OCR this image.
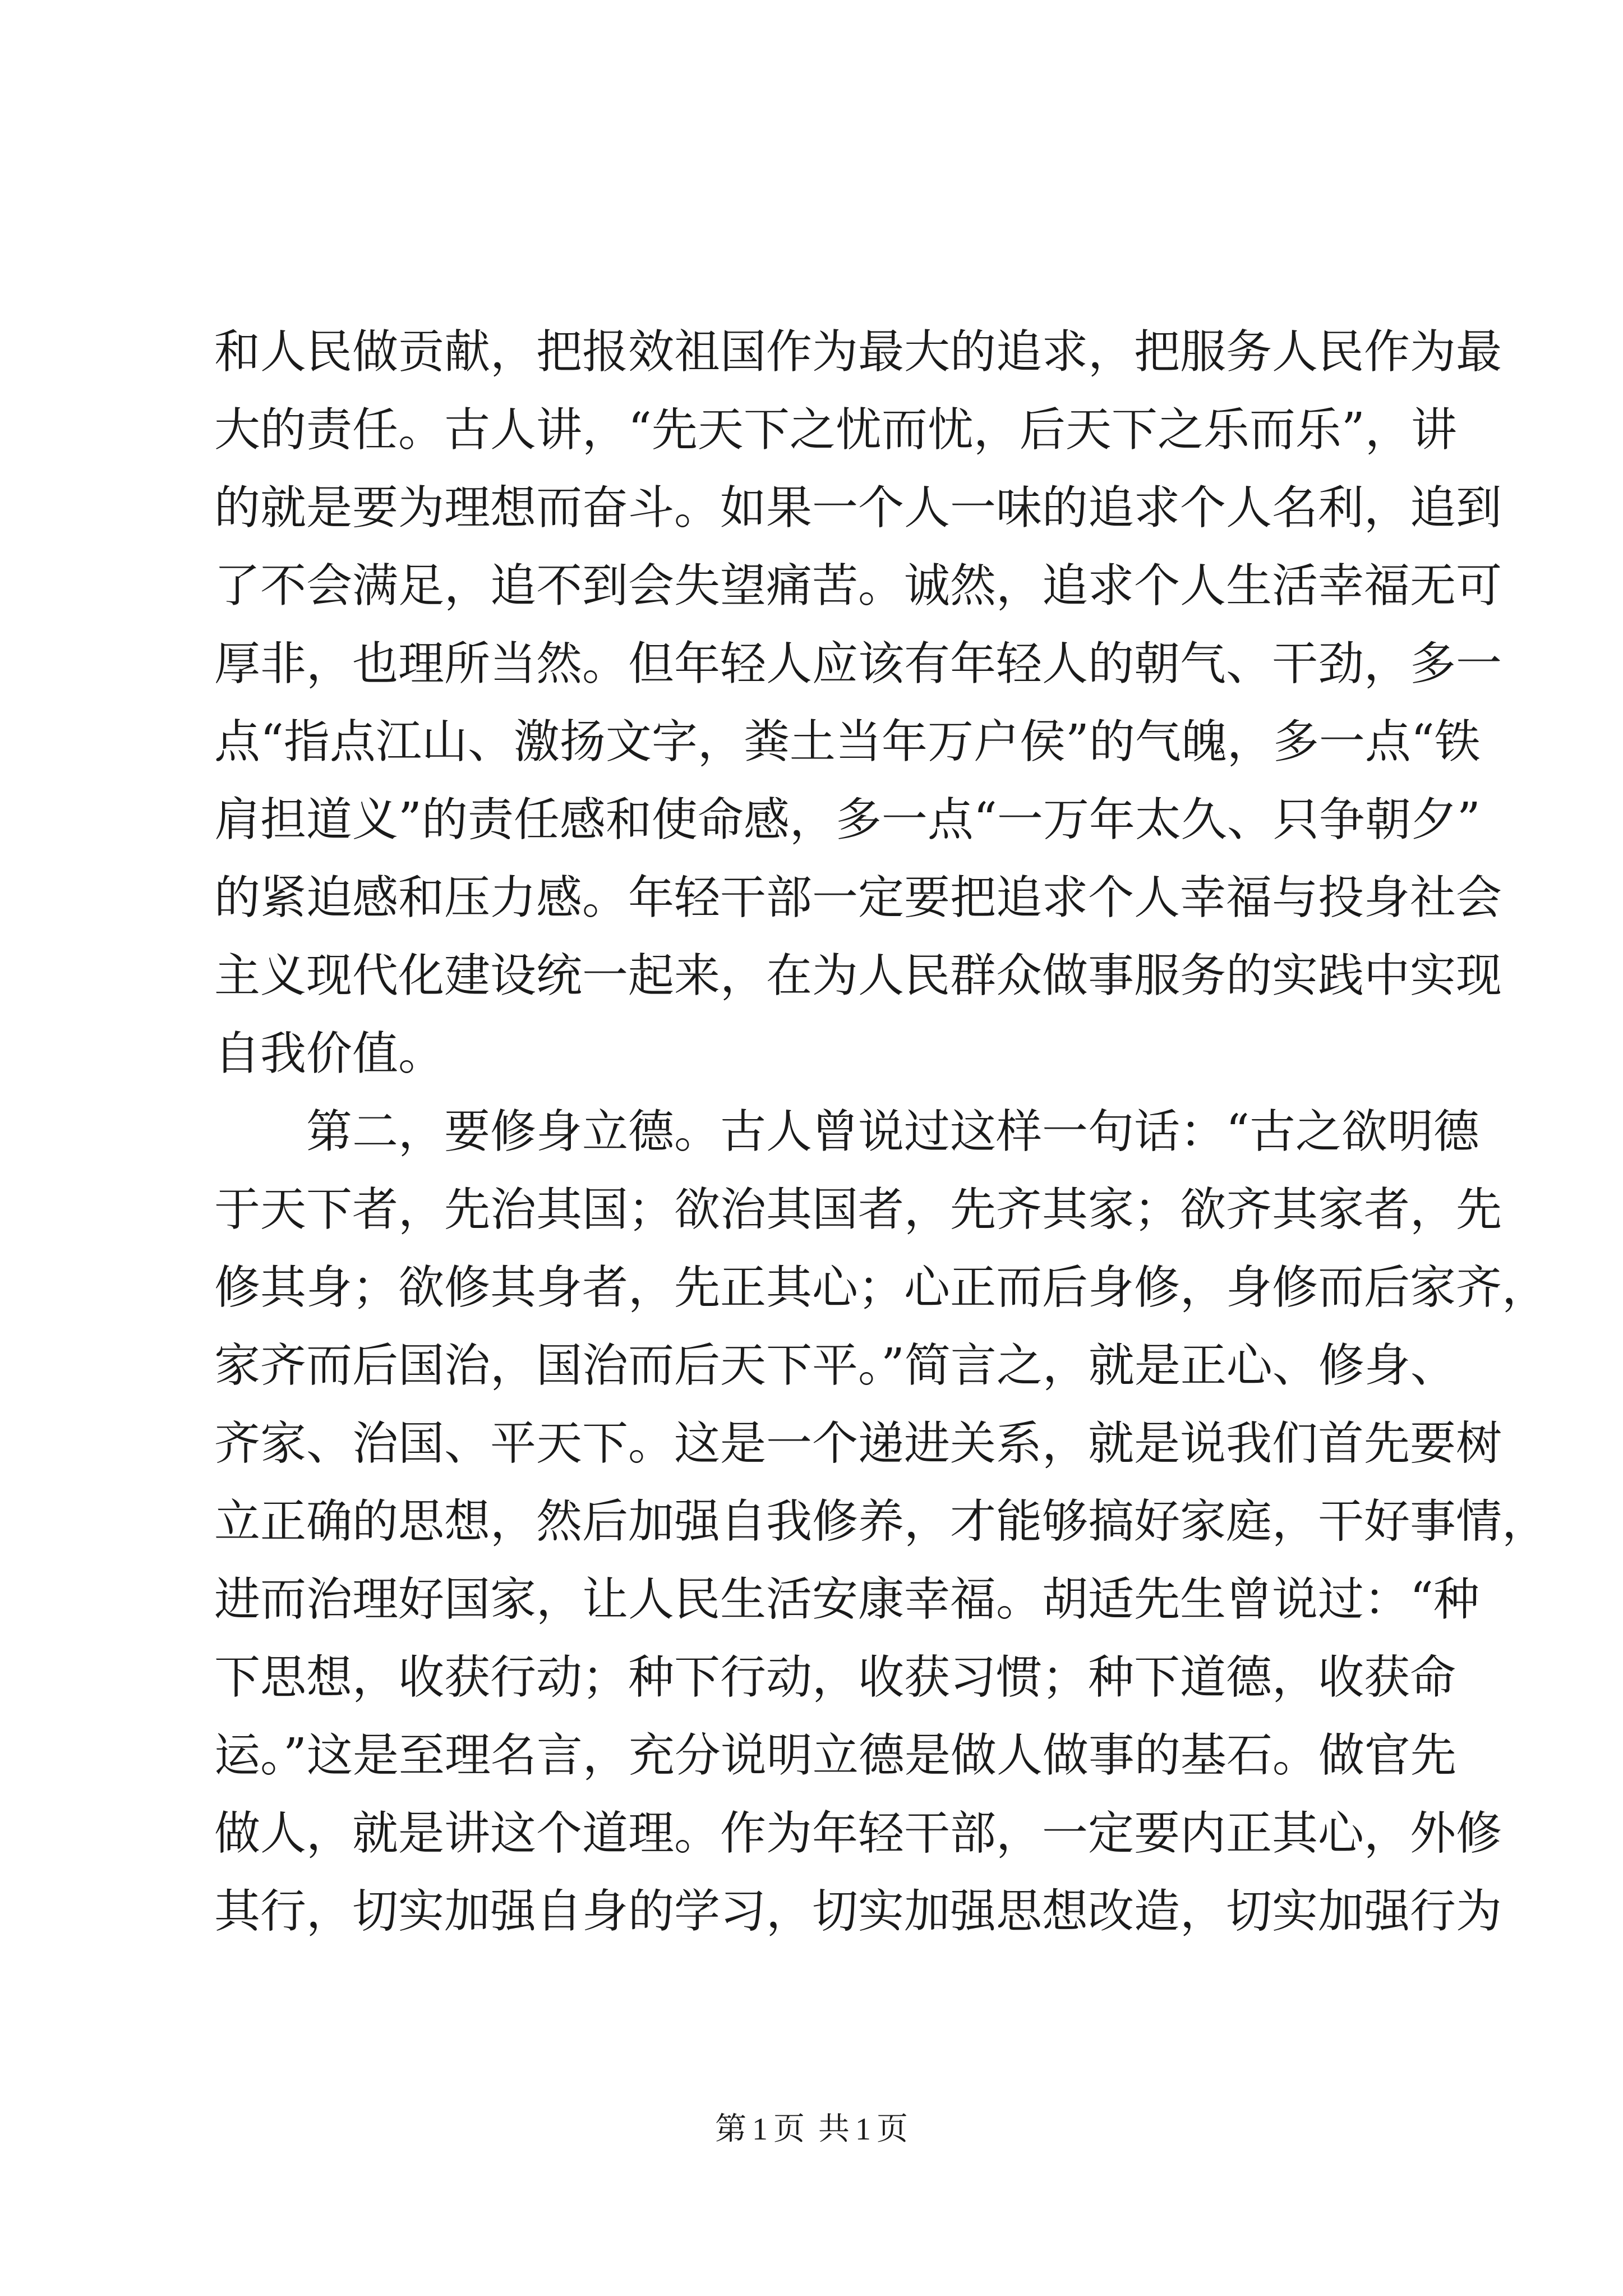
和人民做贡献，把报效祖国作为最大的追求，把服务人民作为最
大的责任。古人讲，“先天下之忧而忧，后天下之乐而乐”，讲
的就是要为理想而奋斗。如果一个人一味的追求个人名利，追到
了不会满足，追不到会失望痛苦。诚然，追求个人生活幸福无可
厚非，也理所当然。但年轻人应该有年轻人的朝气、干劲，多一
点“指点江山、激扬文字，粪土当年万户侯”的气魄，多一点“铁
肩担道义”的责任感和使命感，多一点“一万年太久、只争朝夕”
的紧迫感和压力感。年轻干部一定要把追求个人幸福与投身社会
主义现代化建设统一起来，在为人民群众做事服务的实践中实现
自我价值。
第二，要修身立德。古人曾说过这样一句话：“古之欲明德
于天下者，先治其国；欲治其国者，先齐其家；欲齐其家者，先
修其身；欲修其身者，先正其心；心正而后身修，身修而后家齐，
家齐而后国治，国治而后天下平。”简言之，就是正心、修身、
齐家、治国、平天下。这是一个递进关系，就是说我们首先要树
立正确的思想，然后加强自我修养，才能够搞好家庭，干好事情，
进而治理好国家，让人民生活安康幸福。胡适先生曾说过：“种
下思想，收获行动；种下行动，收获习惯；种下道德，收获命
运。”这是至理名言，充分说明立德是做人做事的基石。做官先
做人，就是讲这个道理。作为年轻干部，一定要内正其心，外修
其行，切实加强自身的学习，切实加强思想改造，切实加强行为
第 1 页 共 1 页
